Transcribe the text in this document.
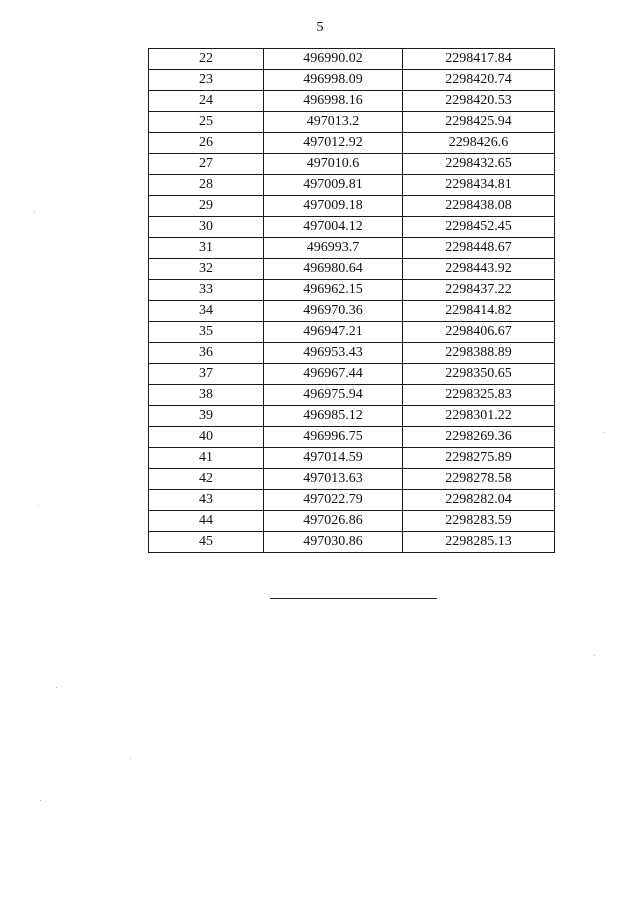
5
22	496990.02	2298417.84
23	496998.09	2298420.74
24	496998.16	2298420.53
25	497013.2	2298425.94
26	497012.92	2298426.6
27	497010.6	2298432.65
28	497009.81	2298434.81
29	497009.18	2298438.08
30	497004.12	2298452.45
31	496993.7	2298448.67
32	496980.64	2298443.92
33	496962.15	2298437.22
34	496970.36	2298414.82
35	496947.21	2298406.67
36	496953.43	2298388.89
37	496967.44	2298350.65
38	496975.94	2298325.83
39	496985.12	2298301.22
40	496996.75	2298269.36
41	497014.59	2298275.89
42	497013.63	2298278.58
43	497022.79	2298282.04
44	497026.86	2298283.59
45	497030.86	2298285.13
